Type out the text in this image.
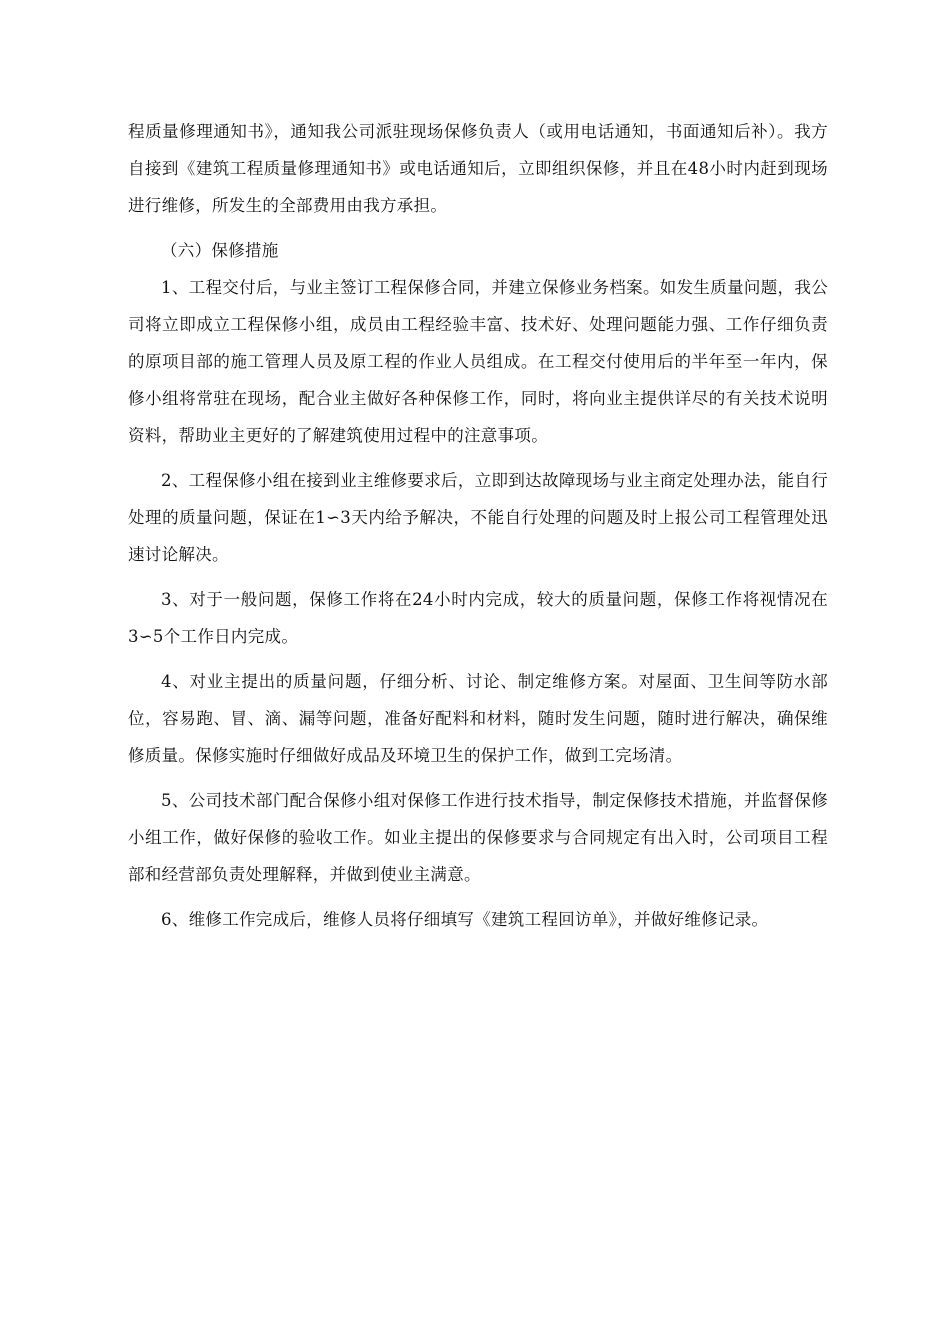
程质量修理通知书》，通知我公司派驻现场保修负责人（或用电话通知，书面通知后补）。我方自接到《建筑工程质量修理通知书》或电话通知后，立即组织保修，并且在48小时内赶到现场进行维修，所发生的全部费用由我方承担。

（六）保修措施

1、工程交付后，与业主签订工程保修合同，并建立保修业务档案。如发生质量问题，我公司将立即成立工程保修小组，成员由工程经验丰富、技术好、处理问题能力强、工作仔细负责的原项目部的施工管理人员及原工程的作业人员组成。在工程交付使用后的半年至一年内，保修小组将常驻在现场，配合业主做好各种保修工作，同时，将向业主提供详尽的有关技术说明资料，帮助业主更好的了解建筑使用过程中的注意事项。

2、工程保修小组在接到业主维修要求后，立即到达故障现场与业主商定处理办法，能自行处理的质量问题，保证在1∽3天内给予解决，不能自行处理的问题及时上报公司工程管理处迅速讨论解决。

3、对于一般问题，保修工作将在24小时内完成，较大的质量问题，保修工作将视情况在3∽5个工作日内完成。

4、对业主提出的质量问题，仔细分析、讨论、制定维修方案。对屋面、卫生间等防水部位，容易跑、冒、滴、漏等问题，准备好配料和材料，随时发生问题，随时进行解决，确保维修质量。保修实施时仔细做好成品及环境卫生的保护工作，做到工完场清。

5、公司技术部门配合保修小组对保修工作进行技术指导，制定保修技术措施，并监督保修小组工作，做好保修的验收工作。如业主提出的保修要求与合同规定有出入时，公司项目工程部和经营部负责处理解释，并做到使业主满意。

6、维修工作完成后，维修人员将仔细填写《建筑工程回访单》，并做好维修记录。
